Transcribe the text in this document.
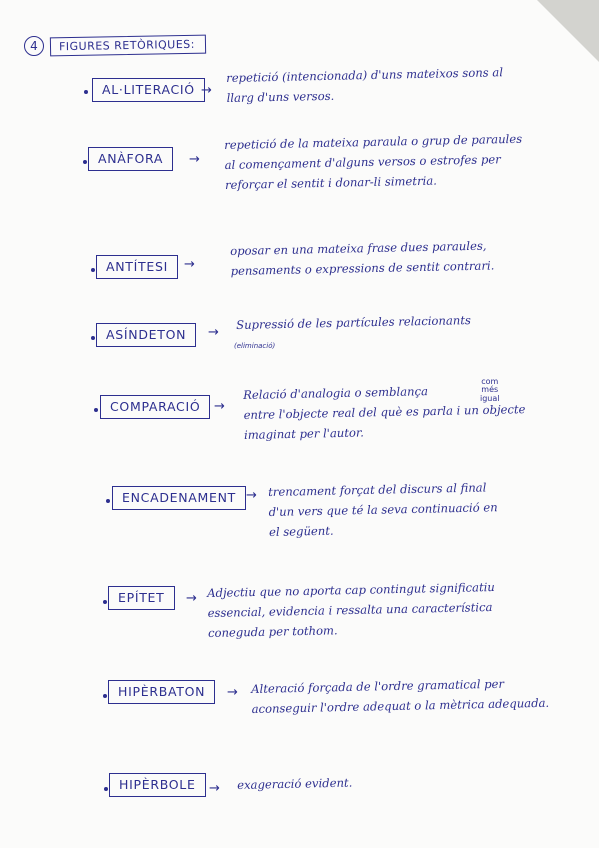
4	FIGURES RETÒRIQUES:
AL·LITERACIÓ →
repetició (intencionada) d'uns mateixos sons al
llarg d'uns versos.
ANÀFORA	→
repetició de la mateixa paraula o grup de paraules
al començament d'alguns versos o estrofes per
reforçar el sentit i donar-li simetria.
ANTÍTESI	→
oposar en una mateixa frase dues paraules,
pensaments o expressions de sentit contrari.
ASÍNDETON	→
Supressió de les partícules relacionants
(eliminació)
COMPARACIÓ	→
Relació d'analogia o semblança
entre l'objecte real del què es parla i un objecte
imaginat per l'autor.
com
més
igual
ENCADENAMENT → trencament forçat del discurs al final
d'un vers que té la seva continuació en
el següent.
EPÍTET	→ Adjectiu que no aporta cap contingut significatiu
essencial, evidencia i ressalta una característica
coneguda per tothom.
HIPÈRBATON	→ Alteració forçada de l'ordre gramatical per
aconseguir l'ordre adequat o la mètrica adequada.
HIPÈRBOLE	→ exageració evident.
